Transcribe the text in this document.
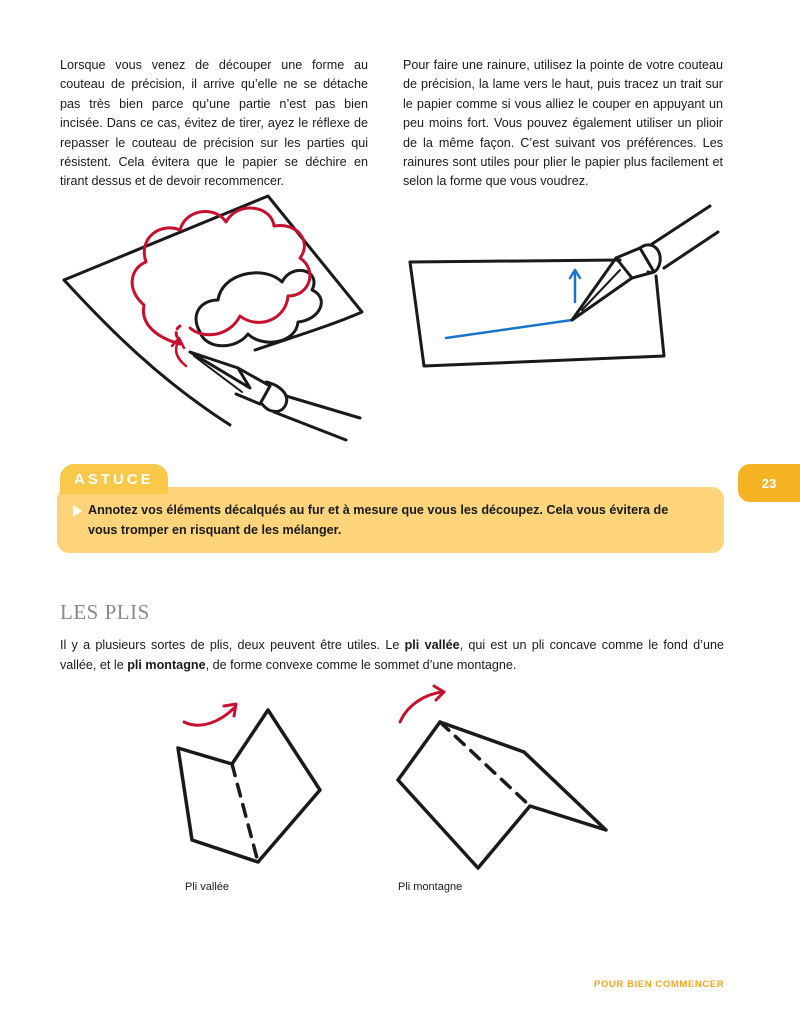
Lorsque vous venez de découper une forme au couteau de précision, il arrive qu’elle ne se détache pas très bien parce qu’une partie n’est pas bien incisée. Dans ce cas, évitez de tirer, ayez le réflexe de repasser le couteau de précision sur les parties qui résistent. Cela évitera que le papier se déchire en tirant dessus et de devoir recommencer.
Pour faire une rainure, utilisez la pointe de votre couteau de précision, la lame vers le haut, puis tracez un trait sur le papier comme si vous alliez le couper en appuyant un peu moins fort. Vous pouvez également utiliser un plioir de la même façon. C’est suivant vos préférences. Les rainures sont utiles pour plier le papier plus facilement et selon la forme que vous voudrez.
ASTUCE
Annotez vos éléments décalqués au fur et à mesure que vous les découpez. Cela vous évitera de vous tromper en risquant de les mélanger.
23
LES PLIS
Il y a plusieurs sortes de plis, deux peuvent être utiles. Le pli vallée, qui est un pli concave comme le fond d’une vallée, et le pli montagne, de forme convexe comme le sommet d’une montagne.
Pli vallée	Pli montagne
POUR BIEN COMMENCER
